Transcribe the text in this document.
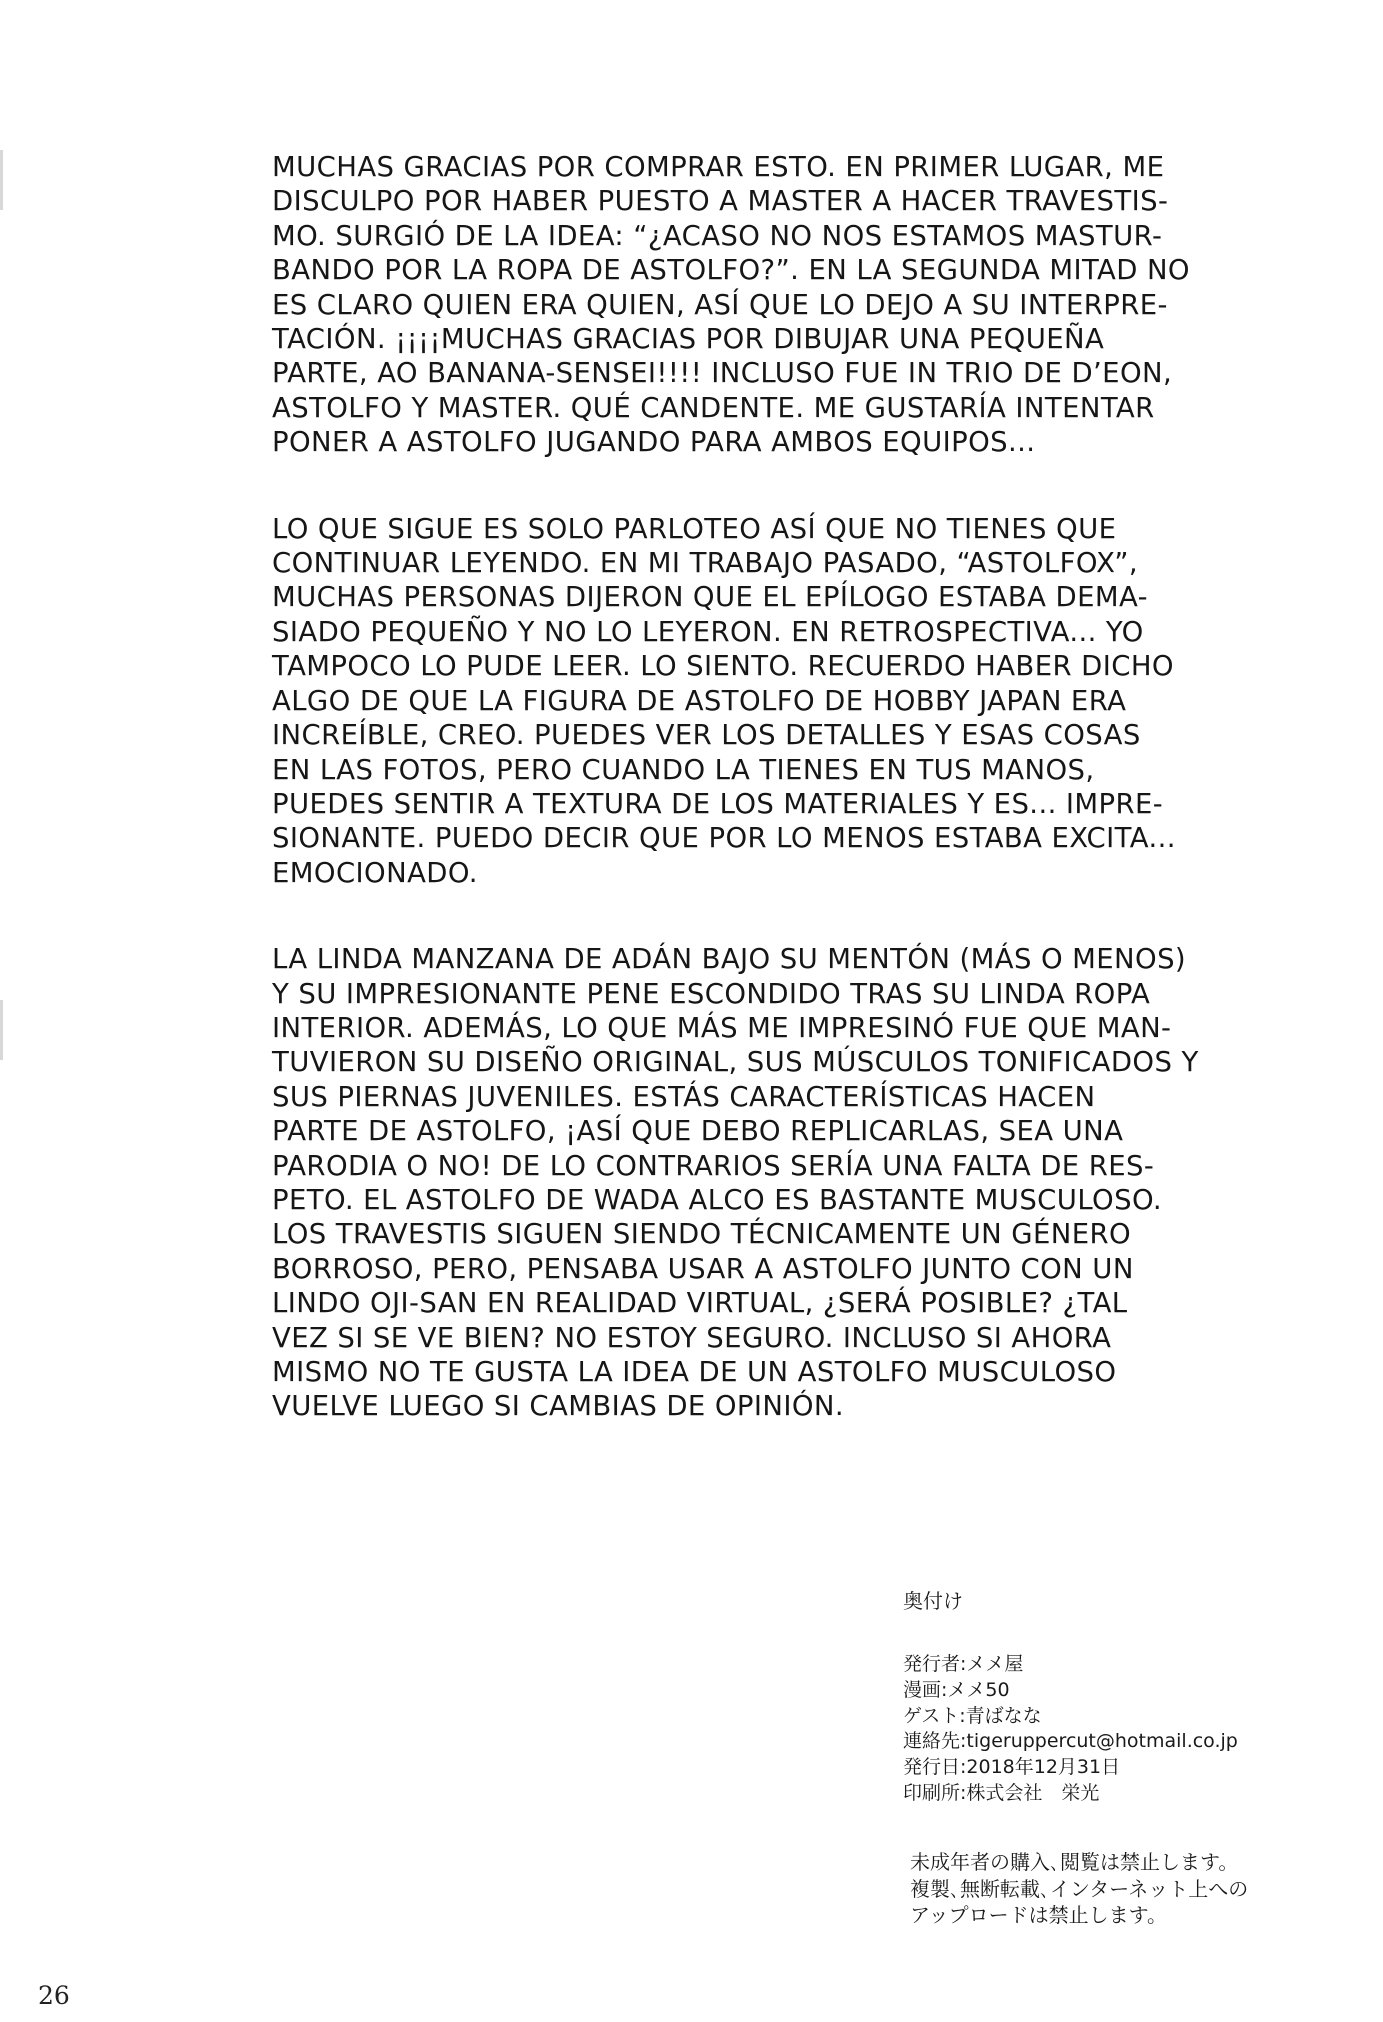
MUCHAS GRACIAS POR COMPRAR ESTO. EN PRIMER LUGAR, ME
DISCULPO POR HABER PUESTO A MASTER A HACER TRAVESTIS-
MO. SURGIÓ DE LA IDEA: “¿ACASO NO NOS ESTAMOS MASTUR-
BANDO POR LA ROPA DE ASTOLFO?”. EN LA SEGUNDA MITAD NO
ES CLARO QUIEN ERA QUIEN, ASÍ QUE LO DEJO A SU INTERPRE-
TACIÓN. ¡¡¡¡MUCHAS GRACIAS POR DIBUJAR UNA PEQUEÑA
PARTE, AO BANANA-SENSEI!!!! INCLUSO FUE IN TRIO DE D’EON,
ASTOLFO Y MASTER. QUÉ CANDENTE. ME GUSTARÍA INTENTAR
PONER A ASTOLFO JUGANDO PARA AMBOS EQUIPOS...
LO QUE SIGUE ES SOLO PARLOTEO ASÍ QUE NO TIENES QUE
CONTINUAR LEYENDO. EN MI TRABAJO PASADO, “ASTOLFOX”,
MUCHAS PERSONAS DIJERON QUE EL EPÍLOGO ESTABA DEMA-
SIADO PEQUEÑO Y NO LO LEYERON. EN RETROSPECTIVA... YO
TAMPOCO LO PUDE LEER. LO SIENTO. RECUERDO HABER DICHO
ALGO DE QUE LA FIGURA DE ASTOLFO DE HOBBY JAPAN ERA
INCREÍBLE, CREO. PUEDES VER LOS DETALLES Y ESAS COSAS
EN LAS FOTOS, PERO CUANDO LA TIENES EN TUS MANOS,
PUEDES SENTIR A TEXTURA DE LOS MATERIALES Y ES... IMPRE-
SIONANTE. PUEDO DECIR QUE POR LO MENOS ESTABA EXCITA...
EMOCIONADO.
LA LINDA MANZANA DE ADÁN BAJO SU MENTÓN (MÁS O MENOS)
Y SU IMPRESIONANTE PENE ESCONDIDO TRAS SU LINDA ROPA
INTERIOR. ADEMÁS, LO QUE MÁS ME IMPRESINÓ FUE QUE MAN-
TUVIERON SU DISEÑO ORIGINAL, SUS MÚSCULOS TONIFICADOS Y
SUS PIERNAS JUVENILES. ESTÁS CARACTERÍSTICAS HACEN
PARTE DE ASTOLFO, ¡ASÍ QUE DEBO REPLICARLAS, SEA UNA
PARODIA O NO! DE LO CONTRARIOS SERÍA UNA FALTA DE RES-
PETO. EL ASTOLFO DE WADA ALCO ES BASTANTE MUSCULOSO.
LOS TRAVESTIS SIGUEN SIENDO TÉCNICAMENTE UN GÉNERO
BORROSO, PERO, PENSABA USAR A ASTOLFO JUNTO CON UN
LINDO OJI-SAN EN REALIDAD VIRTUAL, ¿SERÁ POSIBLE? ¿TAL
VEZ SI SE VE BIEN? NO ESTOY SEGURO. INCLUSO SI AHORA
MISMO NO TE GUSTA LA IDEA DE UN ASTOLFO MUSCULOSO
VUELVE LUEGO SI CAMBIAS DE OPINIÓN.
奥付け
発行者:メメ屋
漫画:メメ50
ゲスト:青ばなな
連絡先:tigeruppercut@hotmail.co.jp
発行日:2018年12月31日
印刷所:株式会社　栄光
未成年者の購入､閲覧は禁止します。
複製､無断転載､インターネット上への
アップロードは禁止します。
26
